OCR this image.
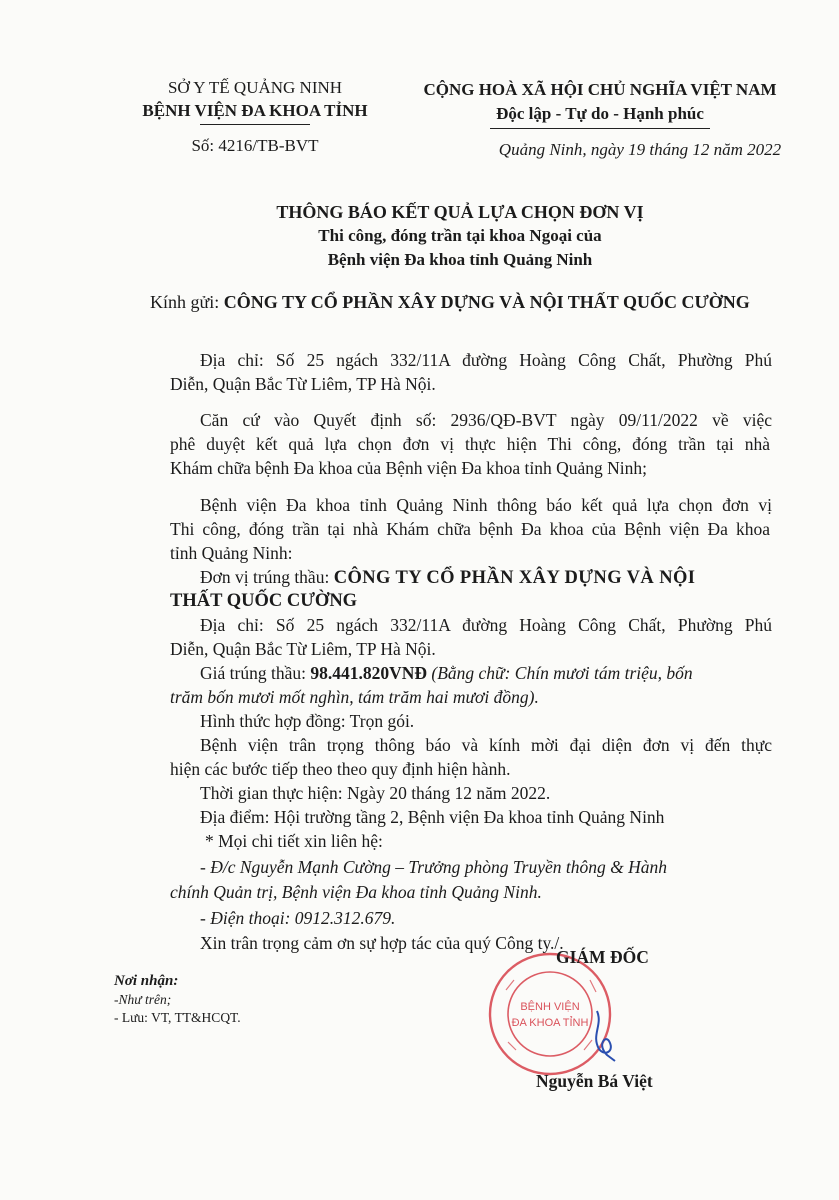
SỞ Y TẾ QUẢNG NINH
BỆNH VIỆN ĐA KHOA TỈNH
Số: 4216/TB-BVT
CỘNG HOÀ XÃ HỘI CHỦ NGHĨA VIỆT NAM
Độc lập - Tự do - Hạnh phúc
Quảng Ninh, ngày 19 tháng 12 năm 2022
THÔNG BÁO KẾT QUẢ LỰA CHỌN ĐƠN VỊ
Thi công, đóng trần tại khoa Ngoại của
Bệnh viện Đa khoa tỉnh Quảng Ninh
Kính gửi: CÔNG TY CỔ PHẦN XÂY DỰNG VÀ NỘI THẤT QUỐC CƯỜNG
Địa chỉ: Số 25 ngách 332/11A đường Hoàng Công Chất, Phường Phú
Diễn, Quận Bắc Từ Liêm, TP Hà Nội.
Căn cứ vào Quyết định số: 2936/QĐ-BVT ngày 09/11/2022 về việc
phê duyệt kết quả lựa chọn đơn vị thực hiện Thi công, đóng trần tại nhà
Khám chữa bệnh Đa khoa của Bệnh viện Đa khoa tỉnh Quảng Ninh;
Bệnh viện Đa khoa tỉnh Quảng Ninh thông báo kết quả lựa chọn đơn vị
Thi công, đóng trần tại nhà Khám chữa bệnh Đa khoa của Bệnh viện Đa khoa
tỉnh Quảng Ninh:
Đơn vị trúng thầu: CÔNG TY CỔ PHẦN XÂY DỰNG VÀ NỘI
THẤT QUỐC CƯỜNG
Địa chỉ: Số 25 ngách 332/11A đường Hoàng Công Chất, Phường Phú
Diễn, Quận Bắc Từ Liêm, TP Hà Nội.
Giá trúng thầu: 98.441.820VNĐ (Bằng chữ: Chín mươi tám triệu, bốn
trăm bốn mươi mốt nghìn, tám trăm hai mươi đồng).
Hình thức hợp đồng: Trọn gói.
Bệnh viện trân trọng thông báo và kính mời đại diện đơn vị đến thực
hiện các bước tiếp theo theo quy định hiện hành.
Thời gian thực hiện: Ngày 20 tháng 12 năm 2022.
Địa điểm: Hội trường tầng 2, Bệnh viện Đa khoa tỉnh Quảng Ninh
* Mọi chi tiết xin liên hệ:
- Đ/c Nguyễn Mạnh Cường – Trưởng phòng Truyền thông & Hành
chính Quản trị, Bệnh viện Đa khoa tỉnh Quảng Ninh.
- Điện thoại: 0912.312.679.
Xin trân trọng cảm ơn sự hợp tác của quý Công ty./.
Nơi nhận:
-Như trên;
- Lưu: VT, TT&HCQT.
BỆNH VIỆN
ĐA KHOA TỈNH
GIÁM ĐỐC
Nguyễn Bá Việt
